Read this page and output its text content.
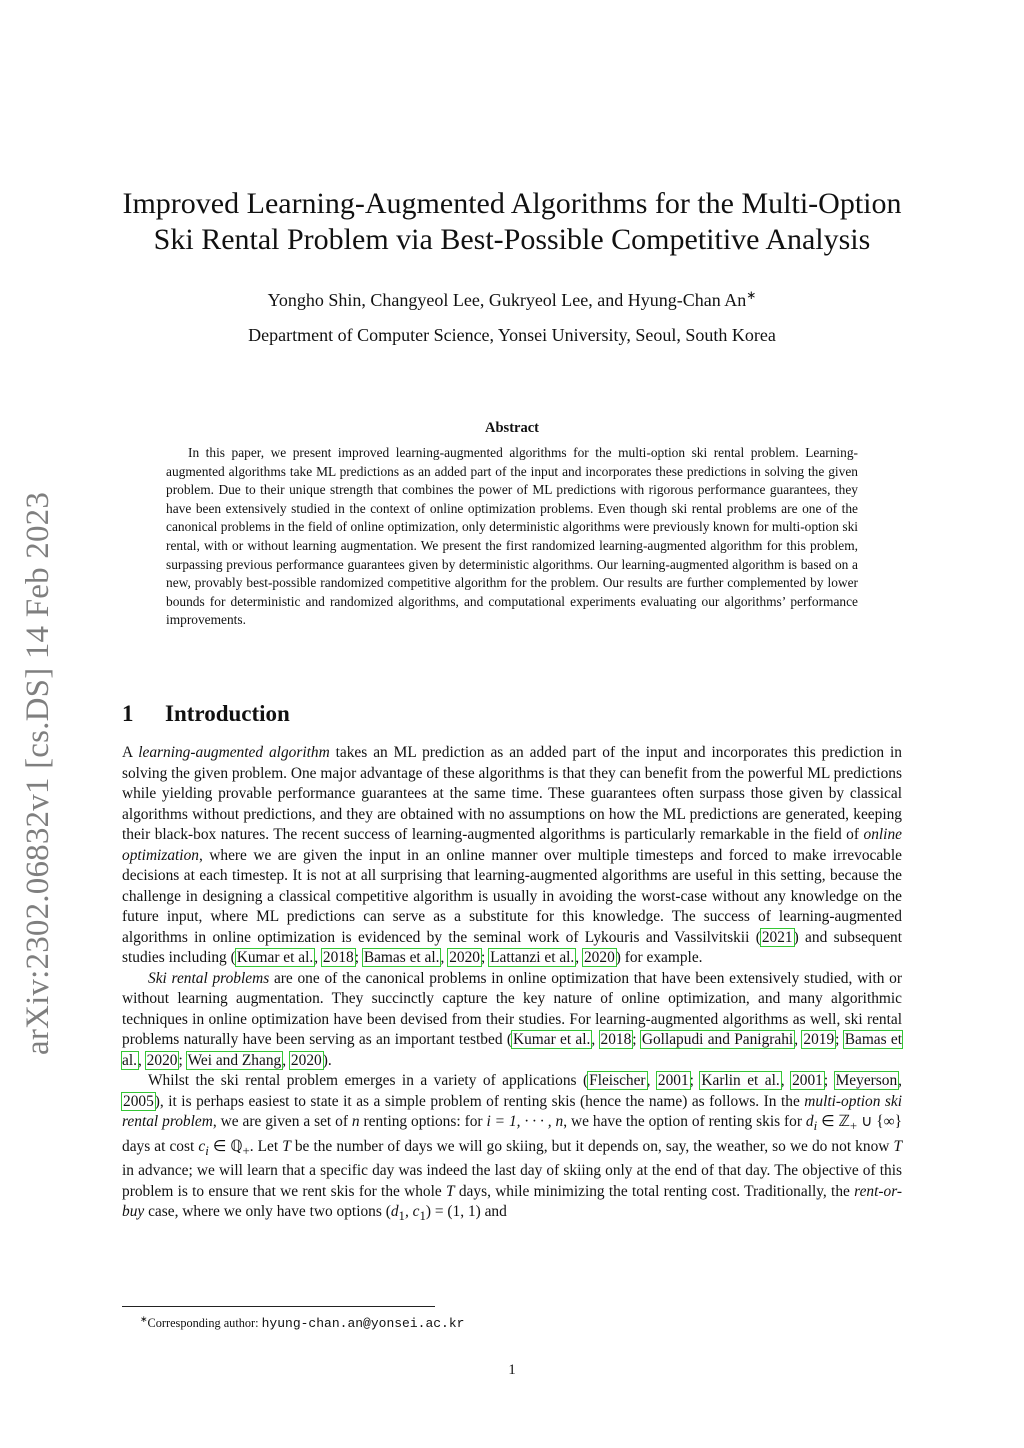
arXiv:2302.06832v1 [cs.DS] 14 Feb 2023
Improved Learning-Augmented Algorithms for the Multi-Option
Ski Rental Problem via Best-Possible Competitive Analysis
Yongho Shin, Changyeol Lee, Gukryeol Lee, and Hyung-Chan An∗
Department of Computer Science, Yonsei University, Seoul, South Korea
Abstract

In this paper, we present improved learning-augmented algorithms for the multi-option ski rental problem. Learning-augmented algorithms take ML predictions as an added part of the input and incorporates these predictions in solving the given problem. Due to their unique strength that combines the power of ML predictions with rigorous performance guarantees, they have been extensively studied in the context of online optimization problems. Even though ski rental problems are one of the canonical problems in the field of online optimization, only deterministic algorithms were previously known for multi-option ski rental, with or without learning augmentation. We present the first randomized learning-augmented algorithm for this problem, surpassing previous performance guarantees given by deterministic algorithms. Our learning-augmented algorithm is based on a new, provably best-possible randomized competitive algorithm for the problem. Our results are further complemented by lower bounds for deterministic and randomized algorithms, and computational experiments evaluating our algorithms’ performance improvements.

1 Introduction

A learning-augmented algorithm takes an ML prediction as an added part of the input and incorporates this prediction in solving the given problem. One major advantage of these algorithms is that they can benefit from the powerful ML predictions while yielding provable performance guarantees at the same time. These guarantees often surpass those given by classical algorithms without predictions, and they are obtained with no assumptions on how the ML predictions are generated, keeping their black-box natures. The recent success of learning-augmented algorithms is particularly remarkable in the field of online optimization, where we are given the input in an online manner over multiple timesteps and forced to make irrevocable decisions at each timestep. It is not at all surprising that learning-augmented algorithms are useful in this setting, because the challenge in designing a classical competitive algorithm is usually in avoiding the worst-case without any knowledge on the future input, where ML predictions can serve as a substitute for this knowledge. The success of learning-augmented algorithms in online optimization is evidenced by the seminal work of Lykouris and Vassilvitskii (2021) and subsequent studies including (Kumar et al., 2018; Bamas et al., 2020; Lattanzi et al., 2020) for example.

Ski rental problems are one of the canonical problems in online optimization that have been extensively studied, with or without learning augmentation. They succinctly capture the key nature of online optimization, and many algorithmic techniques in online optimization have been devised from their studies. For learning-augmented algorithms as well, ski rental problems naturally have been serving as an important testbed (Kumar et al., 2018; Gollapudi and Panigrahi, 2019; Bamas et al., 2020; Wei and Zhang, 2020).

Whilst the ski rental problem emerges in a variety of applications (Fleischer, 2001; Karlin et al., 2001; Meyerson, 2005), it is perhaps easiest to state it as a simple problem of renting skis (hence the name) as follows. In the multi-option ski rental problem, we are given a set of n renting options: for i = 1, · · · , n, we have the option of renting skis for $d_i$ ∈ ℤ$_+$ ∪ {∞} days at cost $c_i$ ∈ ℚ$_+$. Let T be the number of days we will go skiing, but it depends on, say, the weather, so we do not know T in advance; we will learn that a specific day was indeed the last day of skiing only at the end of that day. The objective of this problem is to ensure that we rent skis for the whole T days, while minimizing the total renting cost. Traditionally, the rent-or-buy case, where we only have two options ($d_1$, $c_1) = (1$, 1) and

∗Corresponding author: hyung-chan.an@yonsei.ac.kr
1
